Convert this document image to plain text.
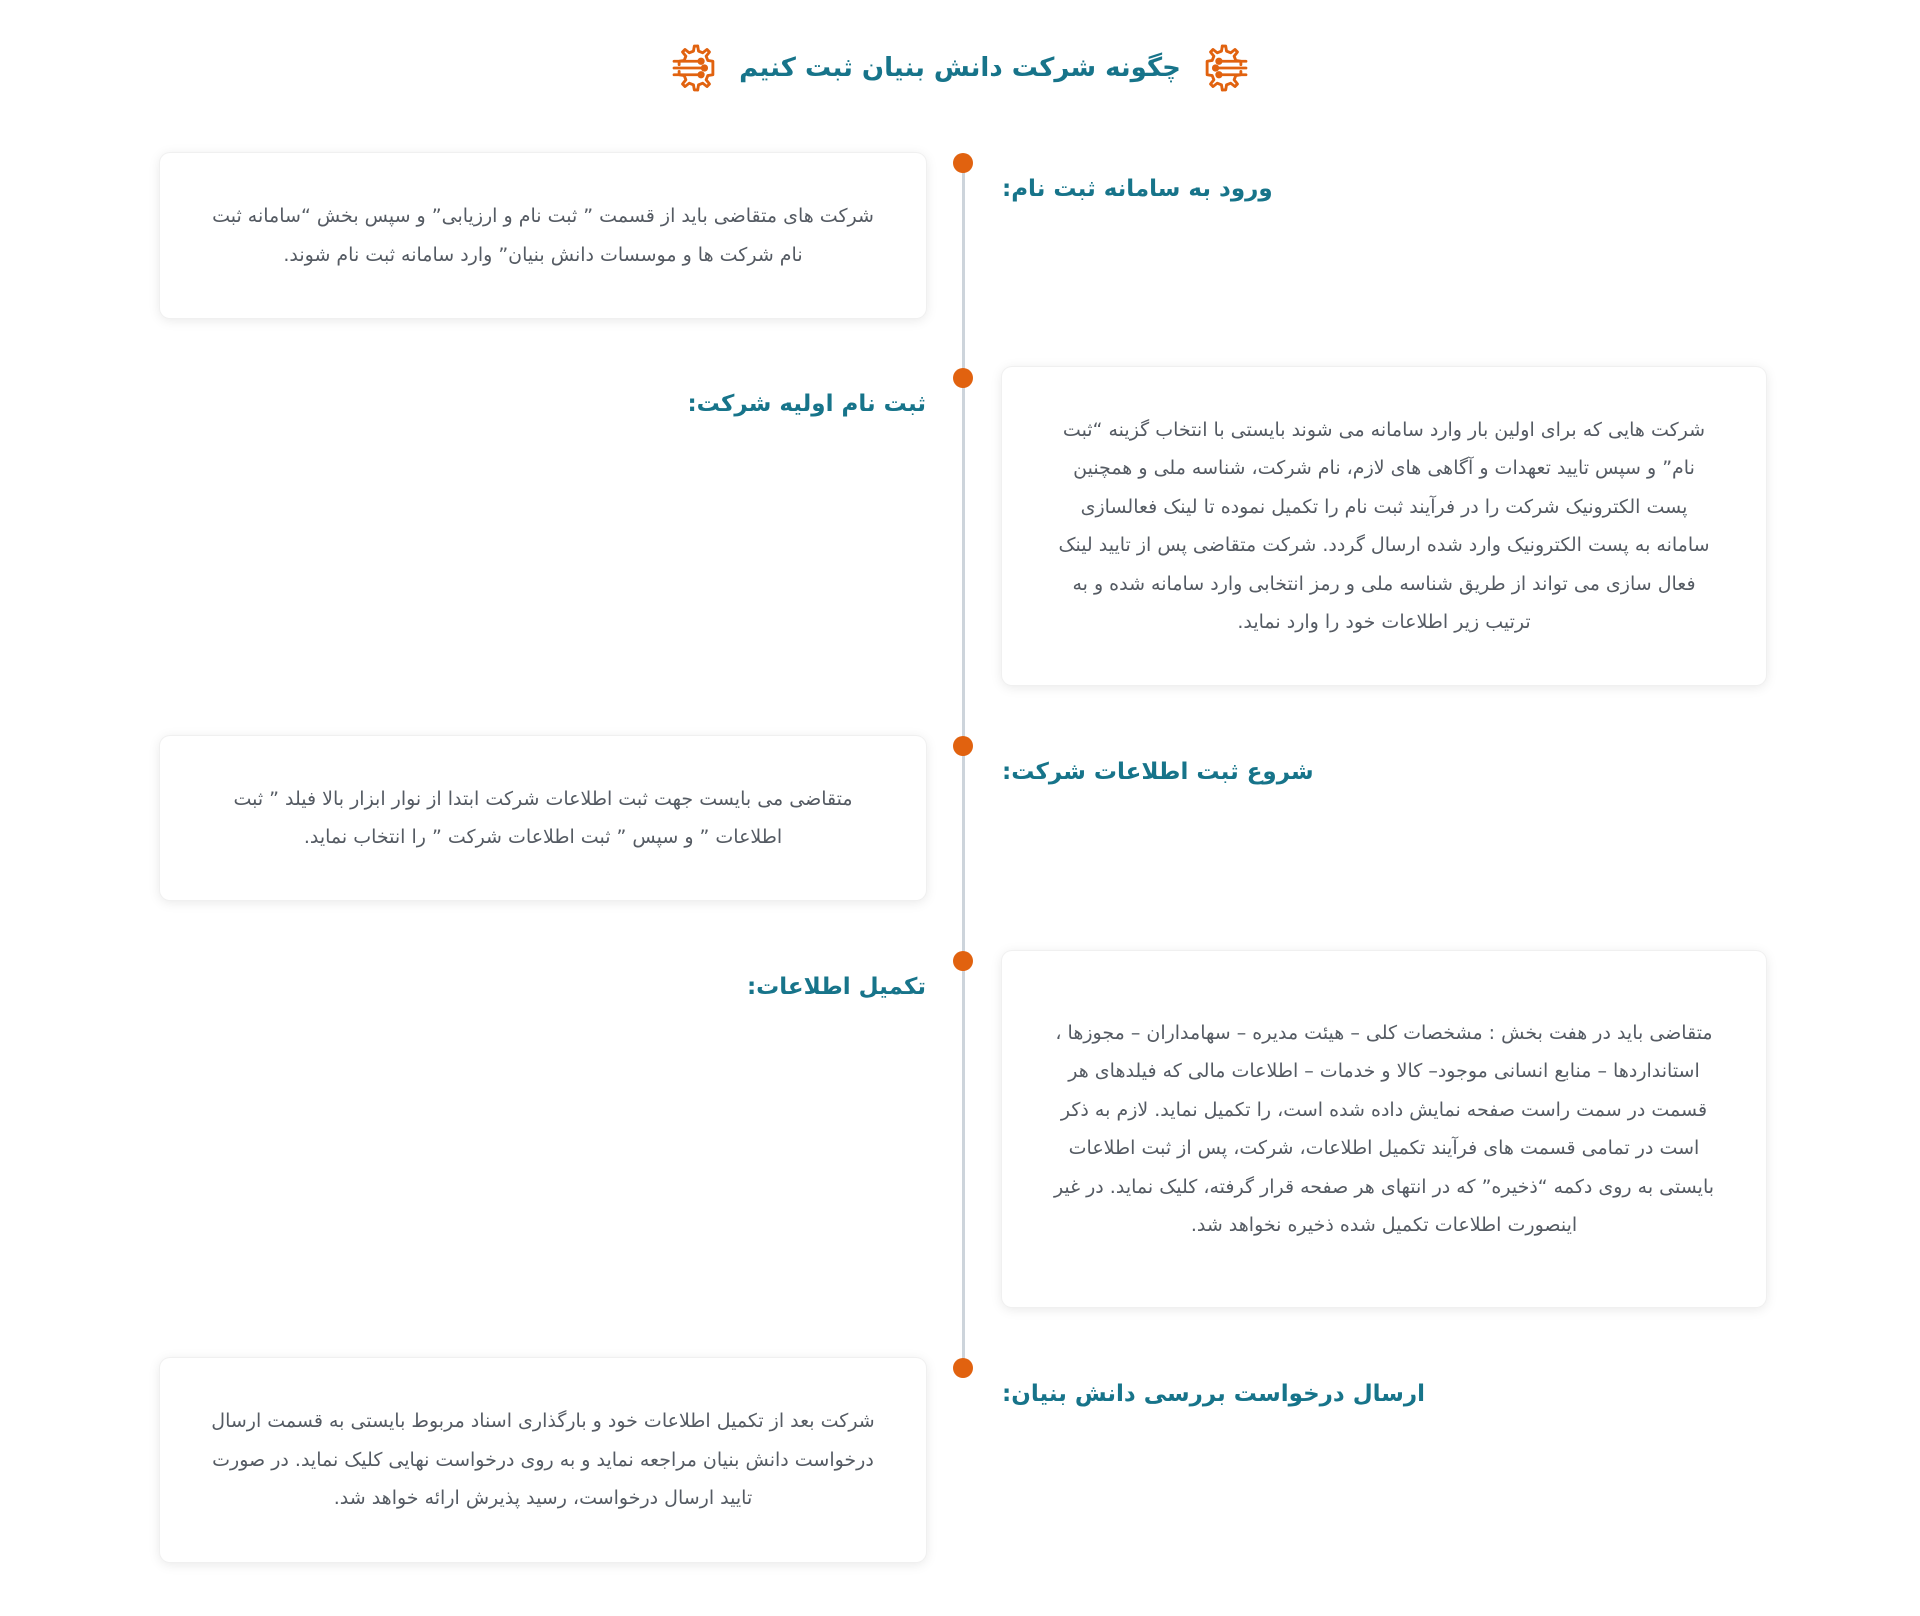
چگونه شرکت دانش بنیان ثبت کنیم
ورود به سامانه ثبت نام:

شرکت های متقاضی باید از قسمت ” ثبت نام و ارزیابی” و سپس بخش “سامانه ثبت نام شرکت ها و موسسات دانش بنیان” وارد سامانه ثبت نام شوند.

ثبت نام اولیه شرکت:

شرکت هایی که برای اولین بار وارد سامانه می شوند بایستی با انتخاب گزینه “ثبت نام” و سپس تایید تعهدات و آگاهی های لازم، نام شرکت، شناسه ملی و همچنین پست الکترونیک شرکت را در فرآیند ثبت نام را تکمیل نموده تا لینک فعالسازی سامانه به پست الکترونیک وارد شده ارسال گردد. شرکت متقاضی پس از تایید لینک فعال سازی می تواند از طریق شناسه ملی و رمز انتخابی وارد سامانه شده و به ترتیب زیر اطلاعات خود را وارد نماید.

شروع ثبت اطلاعات شرکت:

متقاضی می بایست جهت ثبت اطلاعات شرکت ابتدا از نوار ابزار بالا فیلد ” ثبت اطلاعات ” و سپس ” ثبت اطلاعات شرکت ” را انتخاب نماید.

تکمیل اطلاعات:

متقاضی باید در هفت بخش : مشخصات کلی – هیئت مدیره – سهامداران – مجوزها ، استانداردها – منابع انسانی موجود– کالا و خدمات – اطلاعات مالی که فیلدهای هر قسمت در سمت راست صفحه نمایش داده شده است، را تکمیل نماید. لازم به ذکر است در تمامی قسمت های فرآیند تکمیل اطلاعات، شرکت، پس از ثبت اطلاعات بایستی به روی دکمه “ذخیره” که در انتهای هر صفحه قرار گرفته، کلیک نماید. در غیر اینصورت اطلاعات تکمیل شده ذخیره نخواهد شد.

ارسال درخواست بررسی دانش بنیان:

شرکت بعد از تکمیل اطلاعات خود و بارگذاری اسناد مربوط بایستی به قسمت ارسال درخواست دانش بنیان مراجعه نماید و به روی درخواست نهایی کلیک نماید. در صورت تایید ارسال درخواست، رسید پذیرش ارائه خواهد شد.
